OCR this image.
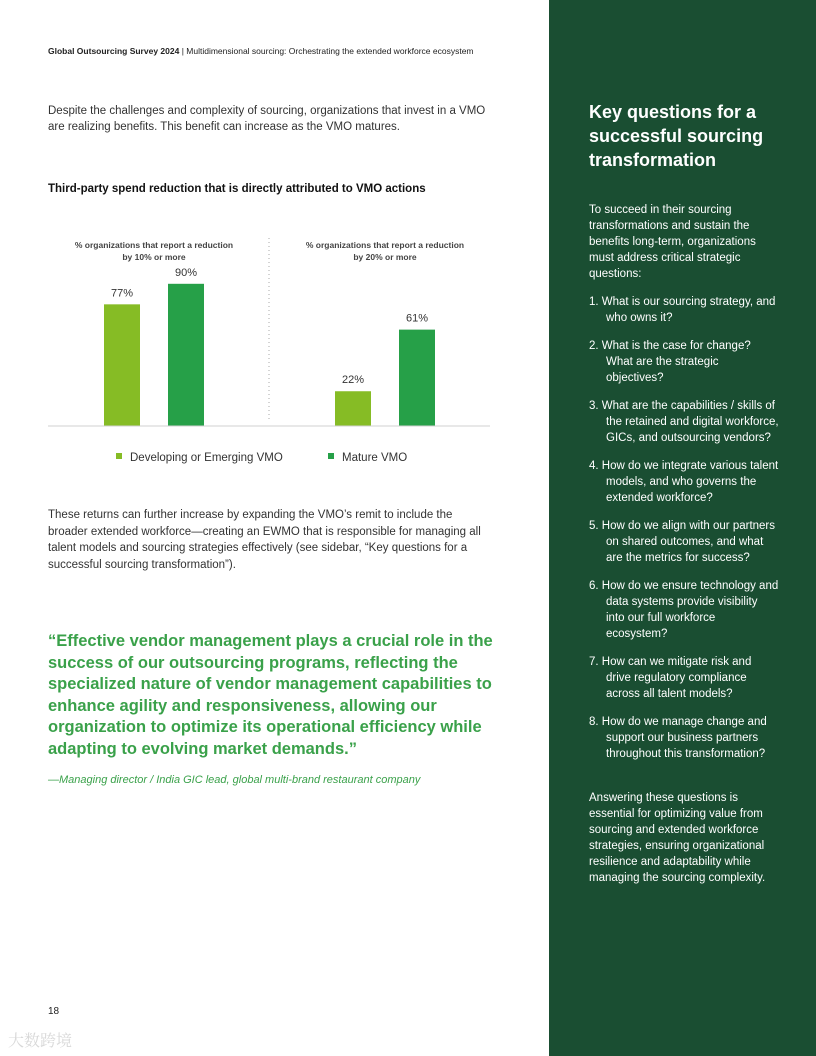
Global Outsourcing Survey 2024 | Multidimensional sourcing: Orchestrating the extended workforce ecosystem

Despite the challenges and complexity of sourcing, organizations that invest in a VMO are realizing benefits. This benefit can increase as the VMO matures.

Third-party spend reduction that is directly attributed to VMO actions

% organizations that report a reduction
by 10% or more
77%
90%
% organizations that report a reduction
by 20% or more
22%
61%
Developing or Emerging VMO	Mature VMO

These returns can further increase by expanding the VMO’s remit to include the broader extended workforce—creating an EWMO that is responsible for managing all talent models and sourcing strategies effectively (see sidebar, “Key questions for a successful sourcing transformation”).

“Effective vendor management plays a crucial role in the success of our outsourcing programs, reflecting the specialized nature of vendor management capabilities to enhance agility and responsiveness, allowing our organization to optimize its operational efficiency while adapting to evolving market demands.”

—Managing director / India GIC lead, global multi-brand restaurant company

18
大数跨境
Key questions for a successful sourcing transformation

To succeed in their sourcing transformations and sustain the benefits long-term, organizations must address critical strategic questions:

1. What is our sourcing strategy, and who owns it?
2. What is the case for change? What are the strategic objectives?
3. What are the capabilities / skills of the retained and digital workforce, GICs, and outsourcing vendors?
4. How do we integrate various talent models, and who governs the extended workforce?
5. How do we align with our partners on shared outcomes, and what are the metrics for success?
6. How do we ensure technology and data systems provide visibility into our full workforce ecosystem?
7. How can we mitigate risk and drive regulatory compliance across all talent models?
8. How do we manage change and support our business partners throughout this transformation?

Answering these questions is essential for optimizing value from sourcing and extended workforce strategies, ensuring organizational resilience and adaptability while managing the sourcing complexity.
